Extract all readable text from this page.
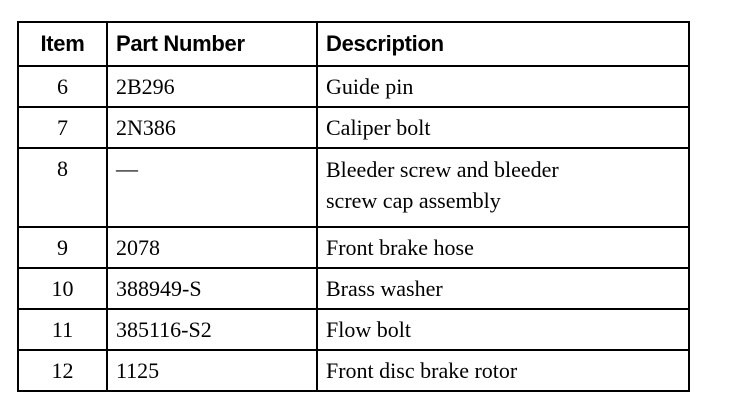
Item	Part Number	Description
6	2B296	Guide pin

7	2N386	Caliper bolt

8	—	Bleeder screw and bleeder
screw cap assembly

9	2078	Front brake hose

10	388949-S	Brass washer

11	385116-S2	Flow bolt

12	1125	Front disc brake rotor
